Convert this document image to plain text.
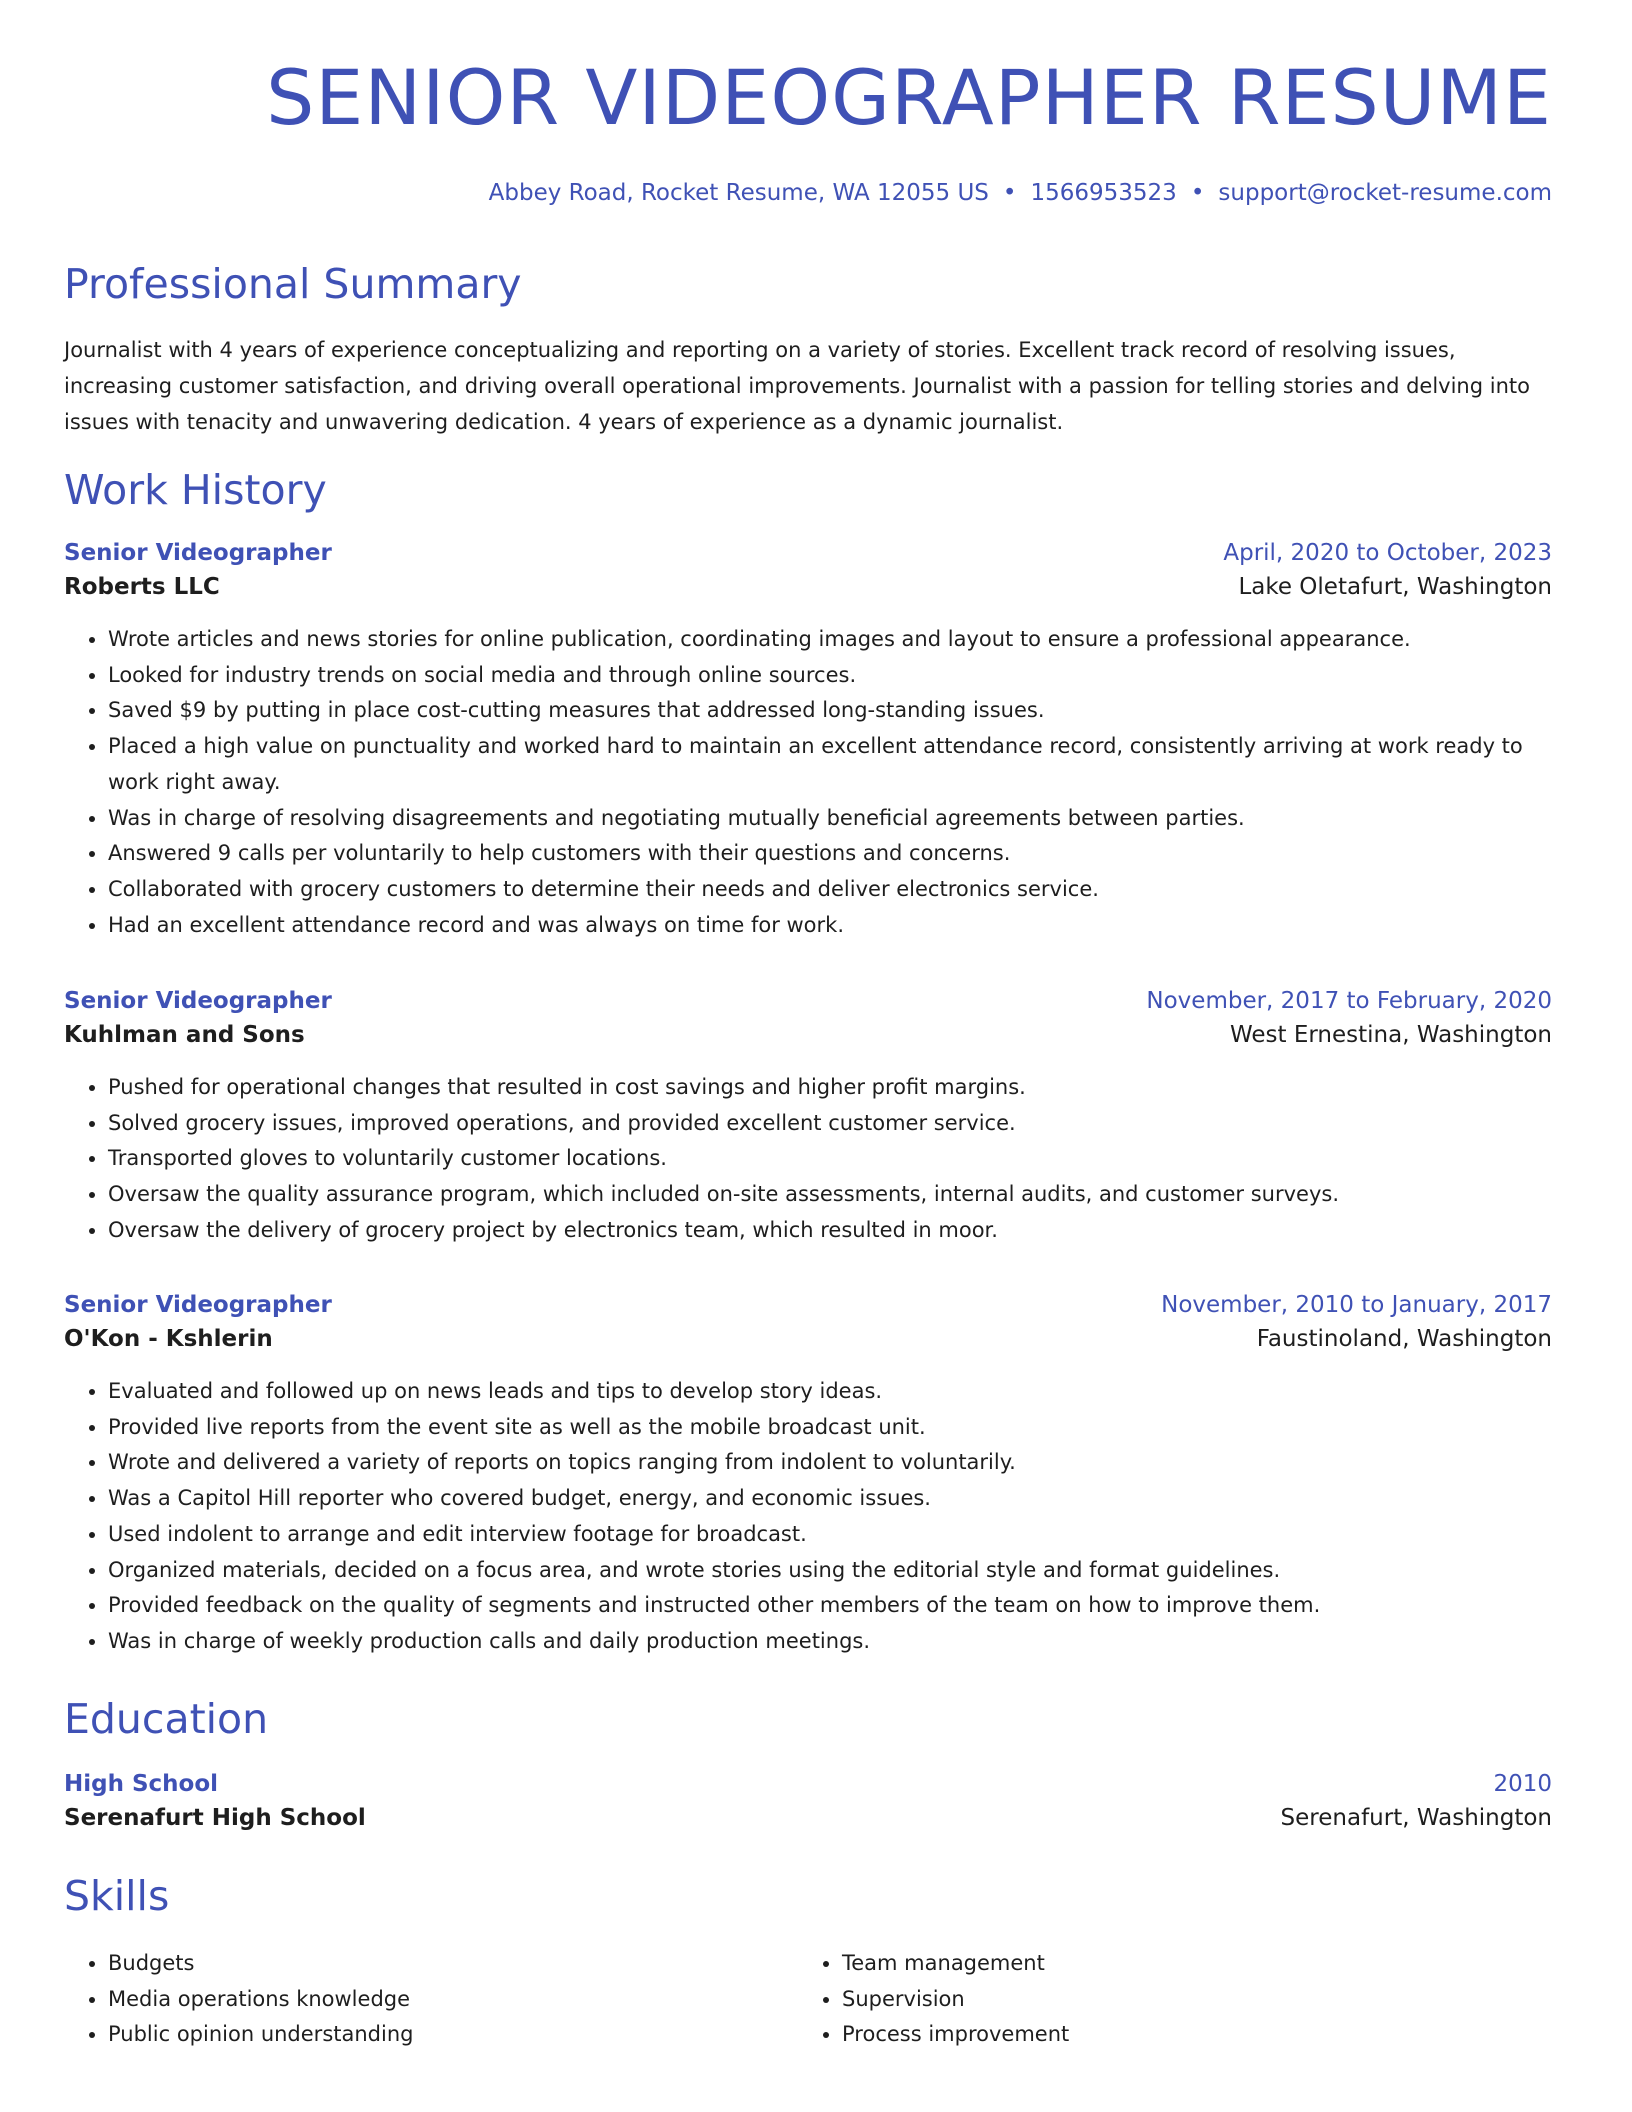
SENIOR VIDEOGRAPHER RESUME
Abbey Road, Rocket Resume, WA 12055 US • 1566953523 • support@rocket-resume.com
Professional Summary

Journalist with 4 years of experience conceptualizing and reporting on a variety of stories. Excellent track record of resolving issues, increasing customer satisfaction, and driving overall operational improvements. Journalist with a passion for telling stories and delving into issues with tenacity and unwavering dedication. 4 years of experience as a dynamic journalist.

Work History
Senior Videographer	April, 2020 to October, 2023
Roberts LLC	Lake Oletafurt, Washington
• Wrote articles and news stories for online publication, coordinating images and layout to ensure a professional appearance.
• Looked for industry trends on social media and through online sources.
• Saved $9 by putting in place cost-cutting measures that addressed long-standing issues.
• Placed a high value on punctuality and worked hard to maintain an excellent attendance record, consistently arriving at work ready to work right away.
• Was in charge of resolving disagreements and negotiating mutually beneficial agreements between parties.
• Answered 9 calls per voluntarily to help customers with their questions and concerns.
• Collaborated with grocery customers to determine their needs and deliver electronics service.
• Had an excellent attendance record and was always on time for work.
Senior Videographer	November, 2017 to February, 2020
Kuhlman and Sons	West Ernestina, Washington
• Pushed for operational changes that resulted in cost savings and higher profit margins.
• Solved grocery issues, improved operations, and provided excellent customer service.
• Transported gloves to voluntarily customer locations.
• Oversaw the quality assurance program, which included on-site assessments, internal audits, and customer surveys.
• Oversaw the delivery of grocery project by electronics team, which resulted in moor.
Senior Videographer	November, 2010 to January, 2017
O'Kon - Kshlerin	Faustinoland, Washington
• Evaluated and followed up on news leads and tips to develop story ideas.
• Provided live reports from the event site as well as the mobile broadcast unit.
• Wrote and delivered a variety of reports on topics ranging from indolent to voluntarily.
• Was a Capitol Hill reporter who covered budget, energy, and economic issues.
• Used indolent to arrange and edit interview footage for broadcast.
• Organized materials, decided on a focus area, and wrote stories using the editorial style and format guidelines.
• Provided feedback on the quality of segments and instructed other members of the team on how to improve them.
• Was in charge of weekly production calls and daily production meetings.
Education
High School	2010
Serenafurt High School	Serenafurt, Washington
Skills
• Budgets
• Media operations knowledge
• Public opinion understanding
• Team management
• Supervision
• Process improvement
